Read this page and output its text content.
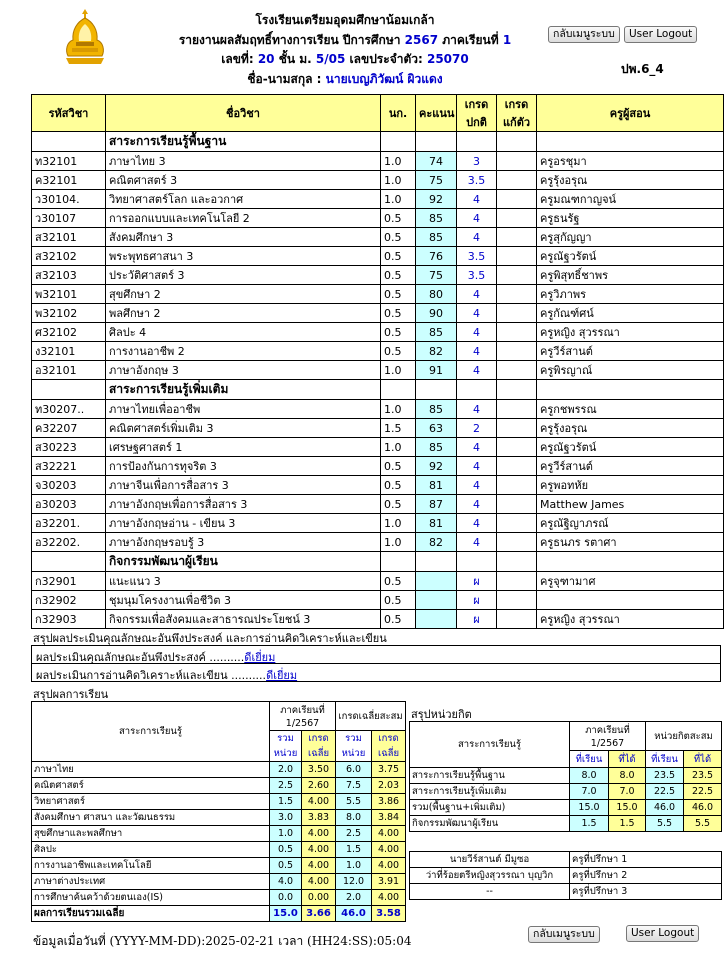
โรงเรียนเตรียมอุดมศึกษาน้อมเกล้า
รายงานผลสัมฤทธิ์ทางการเรียน ปีการศึกษา 2567 ภาคเรียนที่ 1
เลขที่: 20 ชั้น ม. 5/05 เลขประจำตัว: 25070
ชื่อ-นามสกุล : นายเบญภิวัฒน์ ผิวแดง
กลับเมนูระบบ	User Logout
ปพ.6_4
รหัสวิชา	ชื่อวิชา	นก.	คะแนน	เกรด
ปกติ	เกรด
แก้ตัว	ครูผู้สอน
	สาระการเรียนรู้พื้นฐาน					
ท32101	ภาษาไทย 3	1.0	74	3		ครูอรชุมา
ค32101	คณิตศาสตร์ 3	1.0	75	3.5		ครูรุ้งอรุณ
ว30104.	วิทยาศาสตร์โลก และอวกาศ	1.0	92	4		ครูมณฑกาญจน์
ว30107	การออกแบบและเทคโนโลยี 2	0.5	85	4		ครูธนรัฐ
ส32101	สังคมศึกษา 3	0.5	85	4		ครูสุกัญญา
ส32102	พระพุทธศาสนา 3	0.5	76	3.5		ครูณัฐวรัตน์
ส32103	ประวัติศาสตร์ 3	0.5	75	3.5		ครูพิสุทธิ์ชาพร
พ32101	สุขศึกษา 2	0.5	80	4		ครูวิภาพร
พ32102	พลศึกษา 2	0.5	90	4		ครูกัณฑ์ศน์
ศ32102	ศิลปะ 4	0.5	85	4		ครูหญิง สุวรรณา
ง32101	การงานอาชีพ 2	0.5	82	4		ครูวีร์สานต์
อ32101	ภาษาอังกฤษ 3	1.0	91	4		ครูพิรญาณ์
	สาระการเรียนรู้เพิ่มเติม					
ท30207..	ภาษาไทยเพื่ออาชีพ	1.0	85	4		ครูกชพรรณ
ค32207	คณิตศาสตร์เพิ่มเติม 3	1.5	63	2		ครูรุ้งอรุณ
ส30223	เศรษฐศาสตร์ 1	1.0	85	4		ครูณัฐวรัตน์
ส32221	การป้องกันการทุจริต 3	0.5	92	4		ครูวีร์สานต์
จ30203	ภาษาจีนเพื่อการสื่อสาร 3	0.5	81	4		ครูพอทหัย
อ30203	ภาษาอังกฤษเพื่อการสื่อสาร 3	0.5	87	4		Matthew James
อ32201.	ภาษาอังกฤษอ่าน - เขียน 3	1.0	81	4		ครูณัฐิญาภรณ์
อ32202.	ภาษาอังกฤษรอบรู้ 3	1.0	82	4		ครูธนภร รตาศา
	กิจกรรมพัฒนาผู้เรียน					
ก32901	แนะแนว 3	0.5		ผ		ครูจุฑามาศ
ก32902	ชุมนุมโครงงานเพื่อชีวิต 3	0.5		ผ		
ก32903	กิจกรรมเพื่อสังคมและสาธารณประโยชน์ 3	0.5		ผ		ครูหญิง สุวรรณา
สรุปผลประเมินคุณลักษณะอันพึงประสงค์ และการอ่านคิดวิเคราะห์และเขียน
ผลประเมินคุณลักษณะอันพึงประสงค์ ..........ดีเยี่ยม
ผลประเมินการอ่านคิดวิเคราะห์และเขียน ..........ดีเยี่ยม
สรุปผลการเรียน
สาระการเรียนรู้	ภาคเรียนที่ 1/2567		เกรดเฉลี่ยสะสม	
	รวมหน่วย	เกรดเฉลี่ย	รวมหน่วย	เกรดเฉลี่ย
ภาษาไทย	2.0	3.50	6.0	3.75
คณิตศาสตร์	2.5	2.60	7.5	2.03
วิทยาศาสตร์	1.5	4.00	5.5	3.86
สังคมศึกษา ศาสนา และวัฒนธรรม	3.0	3.83	8.0	3.84
สุขศึกษาและพลศึกษา	1.0	4.00	2.5	4.00
ศิลปะ	0.5	4.00	1.5	4.00
การงานอาชีพและเทคโนโลยี	0.5	4.00	1.0	4.00
ภาษาต่างประเทศ	4.0	4.00	12.0	3.91
การศึกษาค้นคว้าด้วยตนเอง(IS)	0.0	0.00	2.0	4.00
ผลการเรียนรวมเฉลี่ย	15.0	3.66	46.0	3.58
สรุปหน่วยกิต
สาระการเรียนรู้	ภาคเรียนที่ 1/2567		หน่วยกิตสะสม	
	ที่เรียน	ที่ได้	ที่เรียน	ที่ได้
สาระการเรียนรู้พื้นฐาน	8.0	8.0	23.5	23.5
สาระการเรียนรู้เพิ่มเติม	7.0	7.0	22.5	22.5
รวม(พื้นฐาน+เพิ่มเติม)	15.0	15.0	46.0	46.0
กิจกรรมพัฒนาผู้เรียน	1.5	1.5	5.5	5.5
นายวีร์สานต์ มีมูซอ	ครูที่ปรึกษา 1
ว่าที่ร้อยตรีหญิงสุวรรณา บุญวิก	ครูที่ปรึกษา 2
--	ครูที่ปรึกษา 3
ข้อมูลเมื่อวันที่ (YYYY-MM-DD):2025-02-21 เวลา (HH24:SS):05:04	กลับเมนูระบบ	User Logout
